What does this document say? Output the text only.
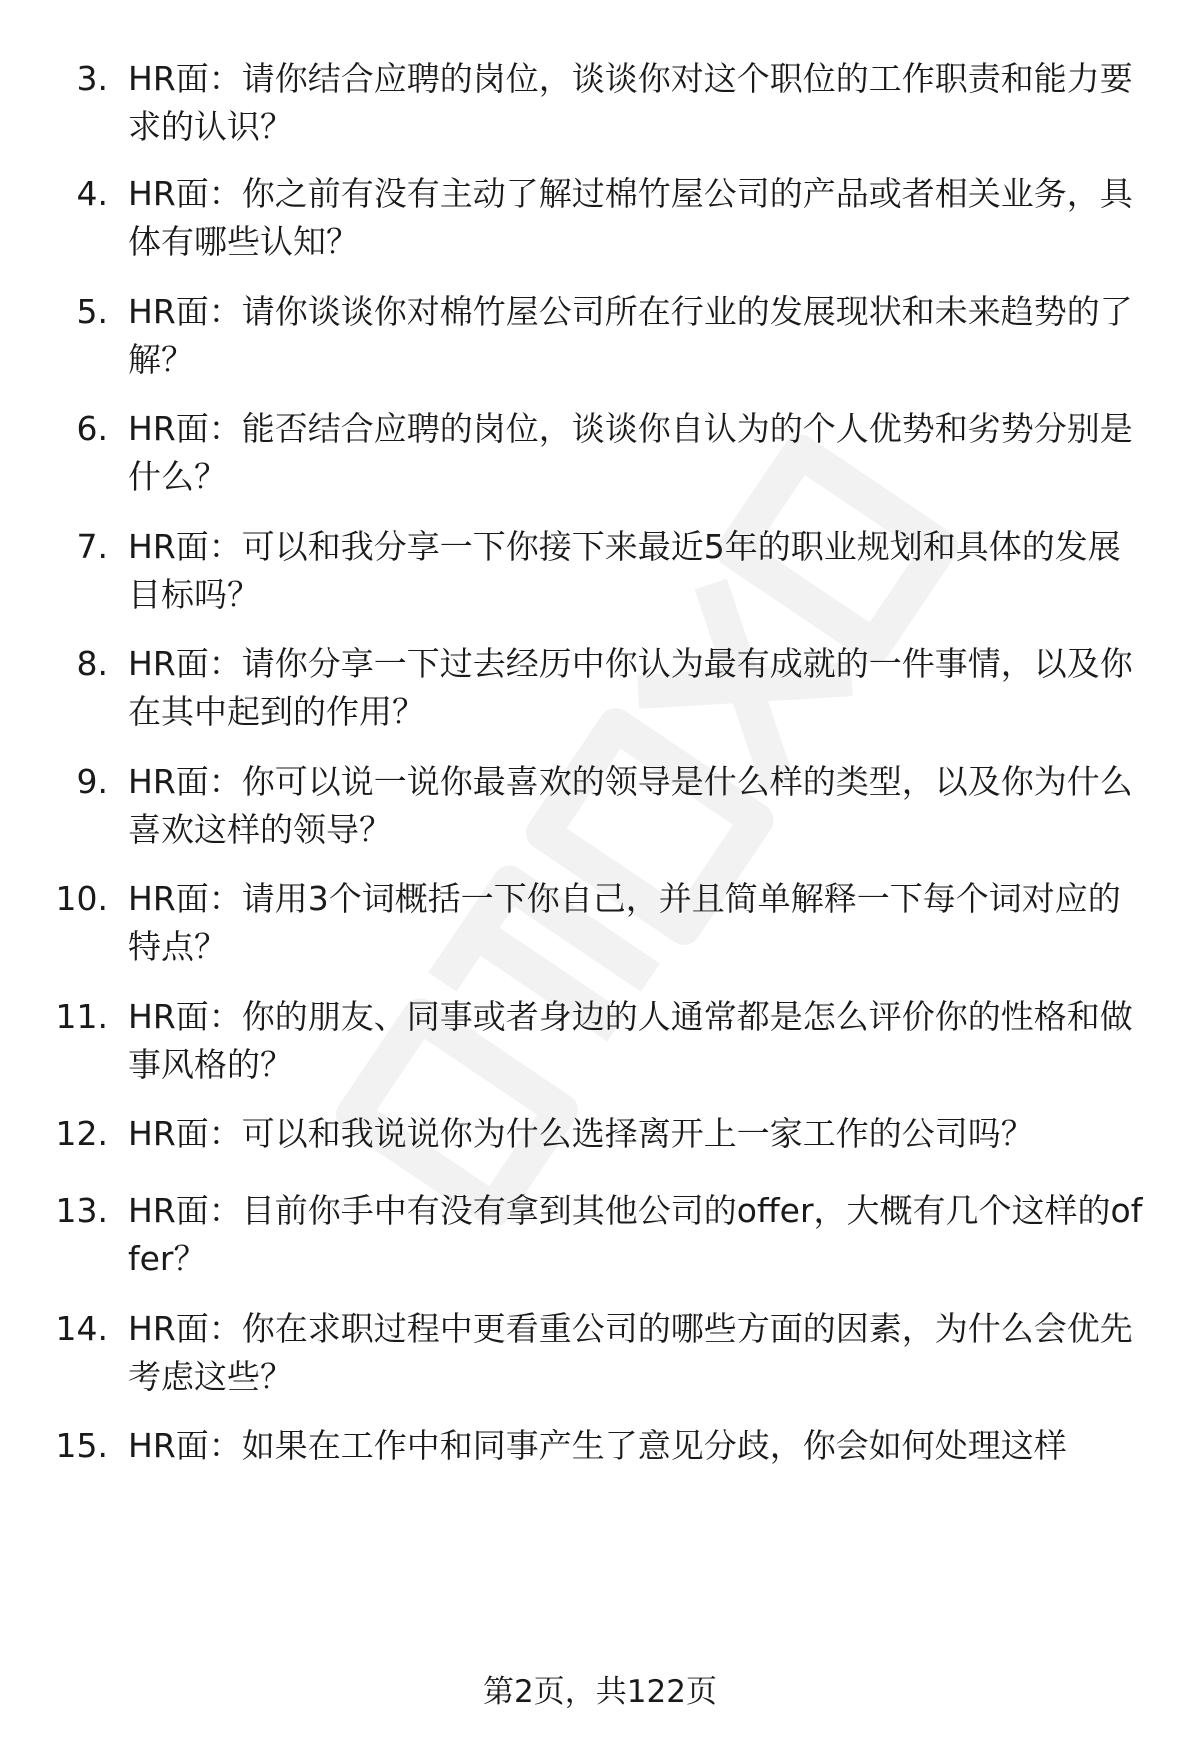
3. HR面：请你结合应聘的岗位，谈谈你对这个职位的工作职责和能力要求的认识？
4. HR面：你之前有没有主动了解过棉竹屋公司的产品或者相关业务，具体有哪些认知？
5. HR面：请你谈谈你对棉竹屋公司所在行业的发展现状和未来趋势的了解？
6. HR面：能否结合应聘的岗位，谈谈你自认为的个人优势和劣势分别是什么？
7. HR面：可以和我分享一下你接下来最近5年的职业规划和具体的发展目标吗？
8. HR面：请你分享一下过去经历中你认为最有成就的一件事情，以及你在其中起到的作用？
9. HR面：你可以说一说你最喜欢的领导是什么样的类型，以及你为什么喜欢这样的领导？
10. HR面：请用3个词概括一下你自己，并且简单解释一下每个词对应的特点？
11. HR面：你的朋友、同事或者身边的人通常都是怎么评价你的性格和做事风格的？
12. HR面：可以和我说说你为什么选择离开上一家工作的公司吗？
13. HR面：目前你手中有没有拿到其他公司的offer，大概有几个这样的offer？
14. HR面：你在求职过程中更看重公司的哪些方面的因素，为什么会优先考虑这些？
15. HR面：如果在工作中和同事产生了意见分歧，你会如何处理这样
第2页，共122页
